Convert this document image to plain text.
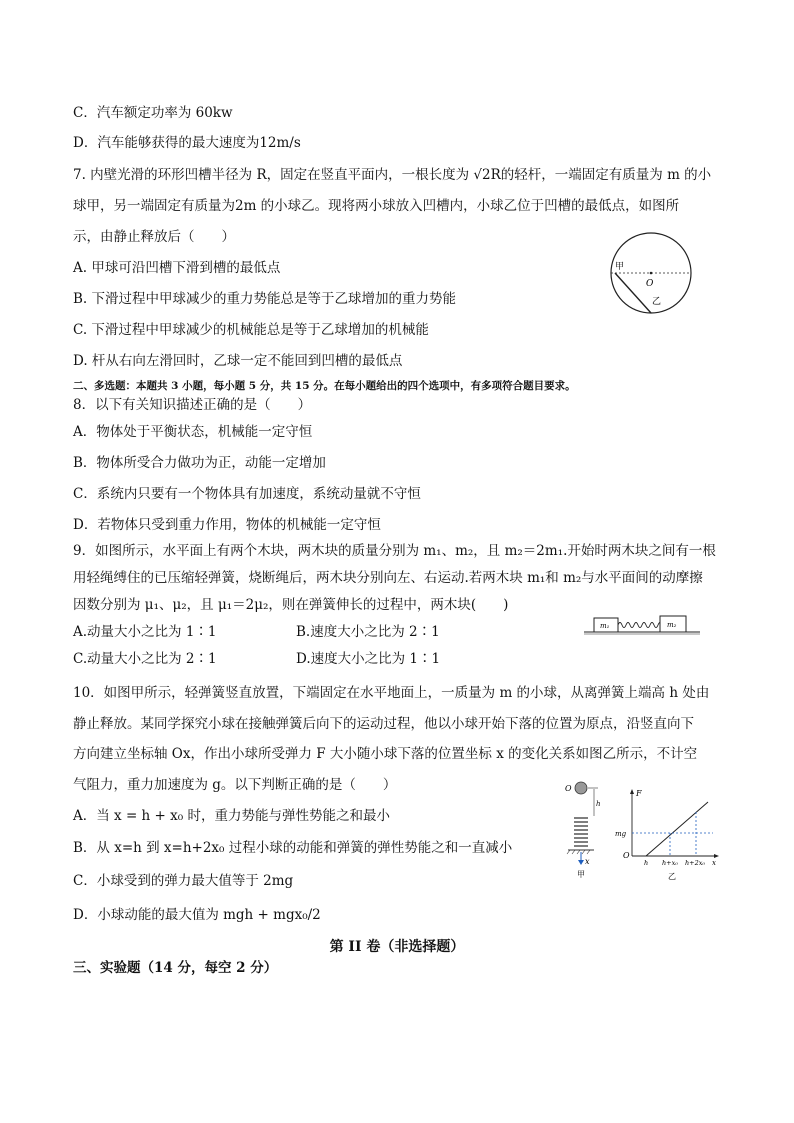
C．汽车额定功率为 60kw
D．汽车能够获得的最大速度为12m/s
7. 内壁光滑的环形凹槽半径为 R，固定在竖直平面内，一根长度为 √2R的轻杆，一端固定有质量为 m 的小
球甲，另一端固定有质量为2m 的小球乙。现将两小球放入凹槽内，小球乙位于凹槽的最低点，如图所
示，由静止释放后（　　）
A. 甲球可沿凹槽下滑到槽的最低点
B. 下滑过程中甲球减少的重力势能总是等于乙球增加的重力势能
C. 下滑过程中甲球减少的机械能总是等于乙球增加的机械能
D. 杆从右向左滑回时，乙球一定不能回到凹槽的最低点
二、多选题：本题共 3 小题，每小题 5 分，共 15 分。在每小题给出的四个选项中，有多项符合题目要求。
8．以下有关知识描述正确的是（　　）
A．物体处于平衡状态，机械能一定守恒
B．物体所受合力做功为正，动能一定增加
C．系统内只要有一个物体具有加速度，系统动量就不守恒
D．若物体只受到重力作用，物体的机械能一定守恒
9．如图所示，水平面上有两个木块，两木块的质量分别为 m₁、m₂，且 m₂＝2m₁.开始时两木块之间有一根
用轻绳缚住的已压缩轻弹簧，烧断绳后，两木块分别向左、右运动.若两木块 m₁和 m₂与水平面间的动摩擦
因数分别为 μ₁、μ₂，且 μ₁＝2μ₂，则在弹簧伸长的过程中，两木块(　　)
A.动量大小之比为 1∶1	B.速度大小之比为 2∶1
C.动量大小之比为 2∶1	D.速度大小之比为 1∶1
10．如图甲所示，轻弹簧竖直放置，下端固定在水平地面上，一质量为 m 的小球，从离弹簧上端高 h 处由
静止释放。某同学探究小球在接触弹簧后向下的运动过程，他以小球开始下落的位置为原点，沿竖直向下
方向建立坐标轴 Ox，作出小球所受弹力 F 大小随小球下落的位置坐标 x 的变化关系如图乙所示，不计空
气阻力，重力加速度为 g。以下判断正确的是（　　）
A．当 x = h + x₀ 时，重力势能与弹性势能之和最小
B．从 x=h 到 x=h+2x₀ 过程小球的动能和弹簧的弹性势能之和一直减小
C．小球受到的弹力最大值等于 2mg
D．小球动能的最大值为 mgh + mgx₀/2
第 II 卷（非选择题）
三、实验题（14 分，每空 2 分）
甲
O
乙
m₁	m₂
O
h
x
甲
F
mg
O
h h+x₀ h+2x₀ x
乙
